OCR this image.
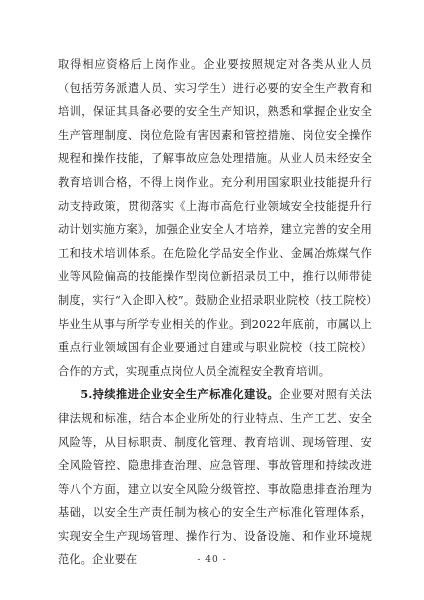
取得相应资格后上岗作业。企业要按照规定对各类从业人员（包括劳务派遣人员、实习学生）进行必要的安全生产教育和培训，保证其具备必要的安全生产知识，熟悉和掌握企业安全生产管理制度、岗位危险有害因素和管控措施、岗位安全操作规程和操作技能，了解事故应急处理措施。从业人员未经安全教育培训合格，不得上岗作业。充分利用国家职业技能提升行动支持政策，贯彻落实《上海市高危行业领域安全技能提升行动计划实施方案》，加强企业安全人才培养，建立完善的安全用工和技术培训体系。在危险化学品安全作业、金属冶炼煤气作业等风险偏高的技能操作型岗位新招录员工中，推行以师带徒制度，实行“入企即入校”。鼓励企业招录职业院校（技工院校）毕业生从事与所学专业相关的作业。到2022年底前，市属以上重点行业领域国有企业要通过自建或与职业院校（技工院校）合作的方式，实现重点岗位人员全流程安全教育培训。

5.持续推进企业安全生产标准化建设。企业要对照有关法律法规和标准，结合本企业所处的行业特点、生产工艺、安全风险等，从目标职责、制度化管理、教育培训、现场管理、安全风险管控、隐患排查治理、应急管理、事故管理和持续改进等八个方面，建立以安全风险分级管控、事故隐患排查治理为基础，以安全生产责任制为核心的安全生产标准化管理体系，实现安全生产现场管理、操作行为、设备设施、和作业环境规范化。企业要在	- 40 -
